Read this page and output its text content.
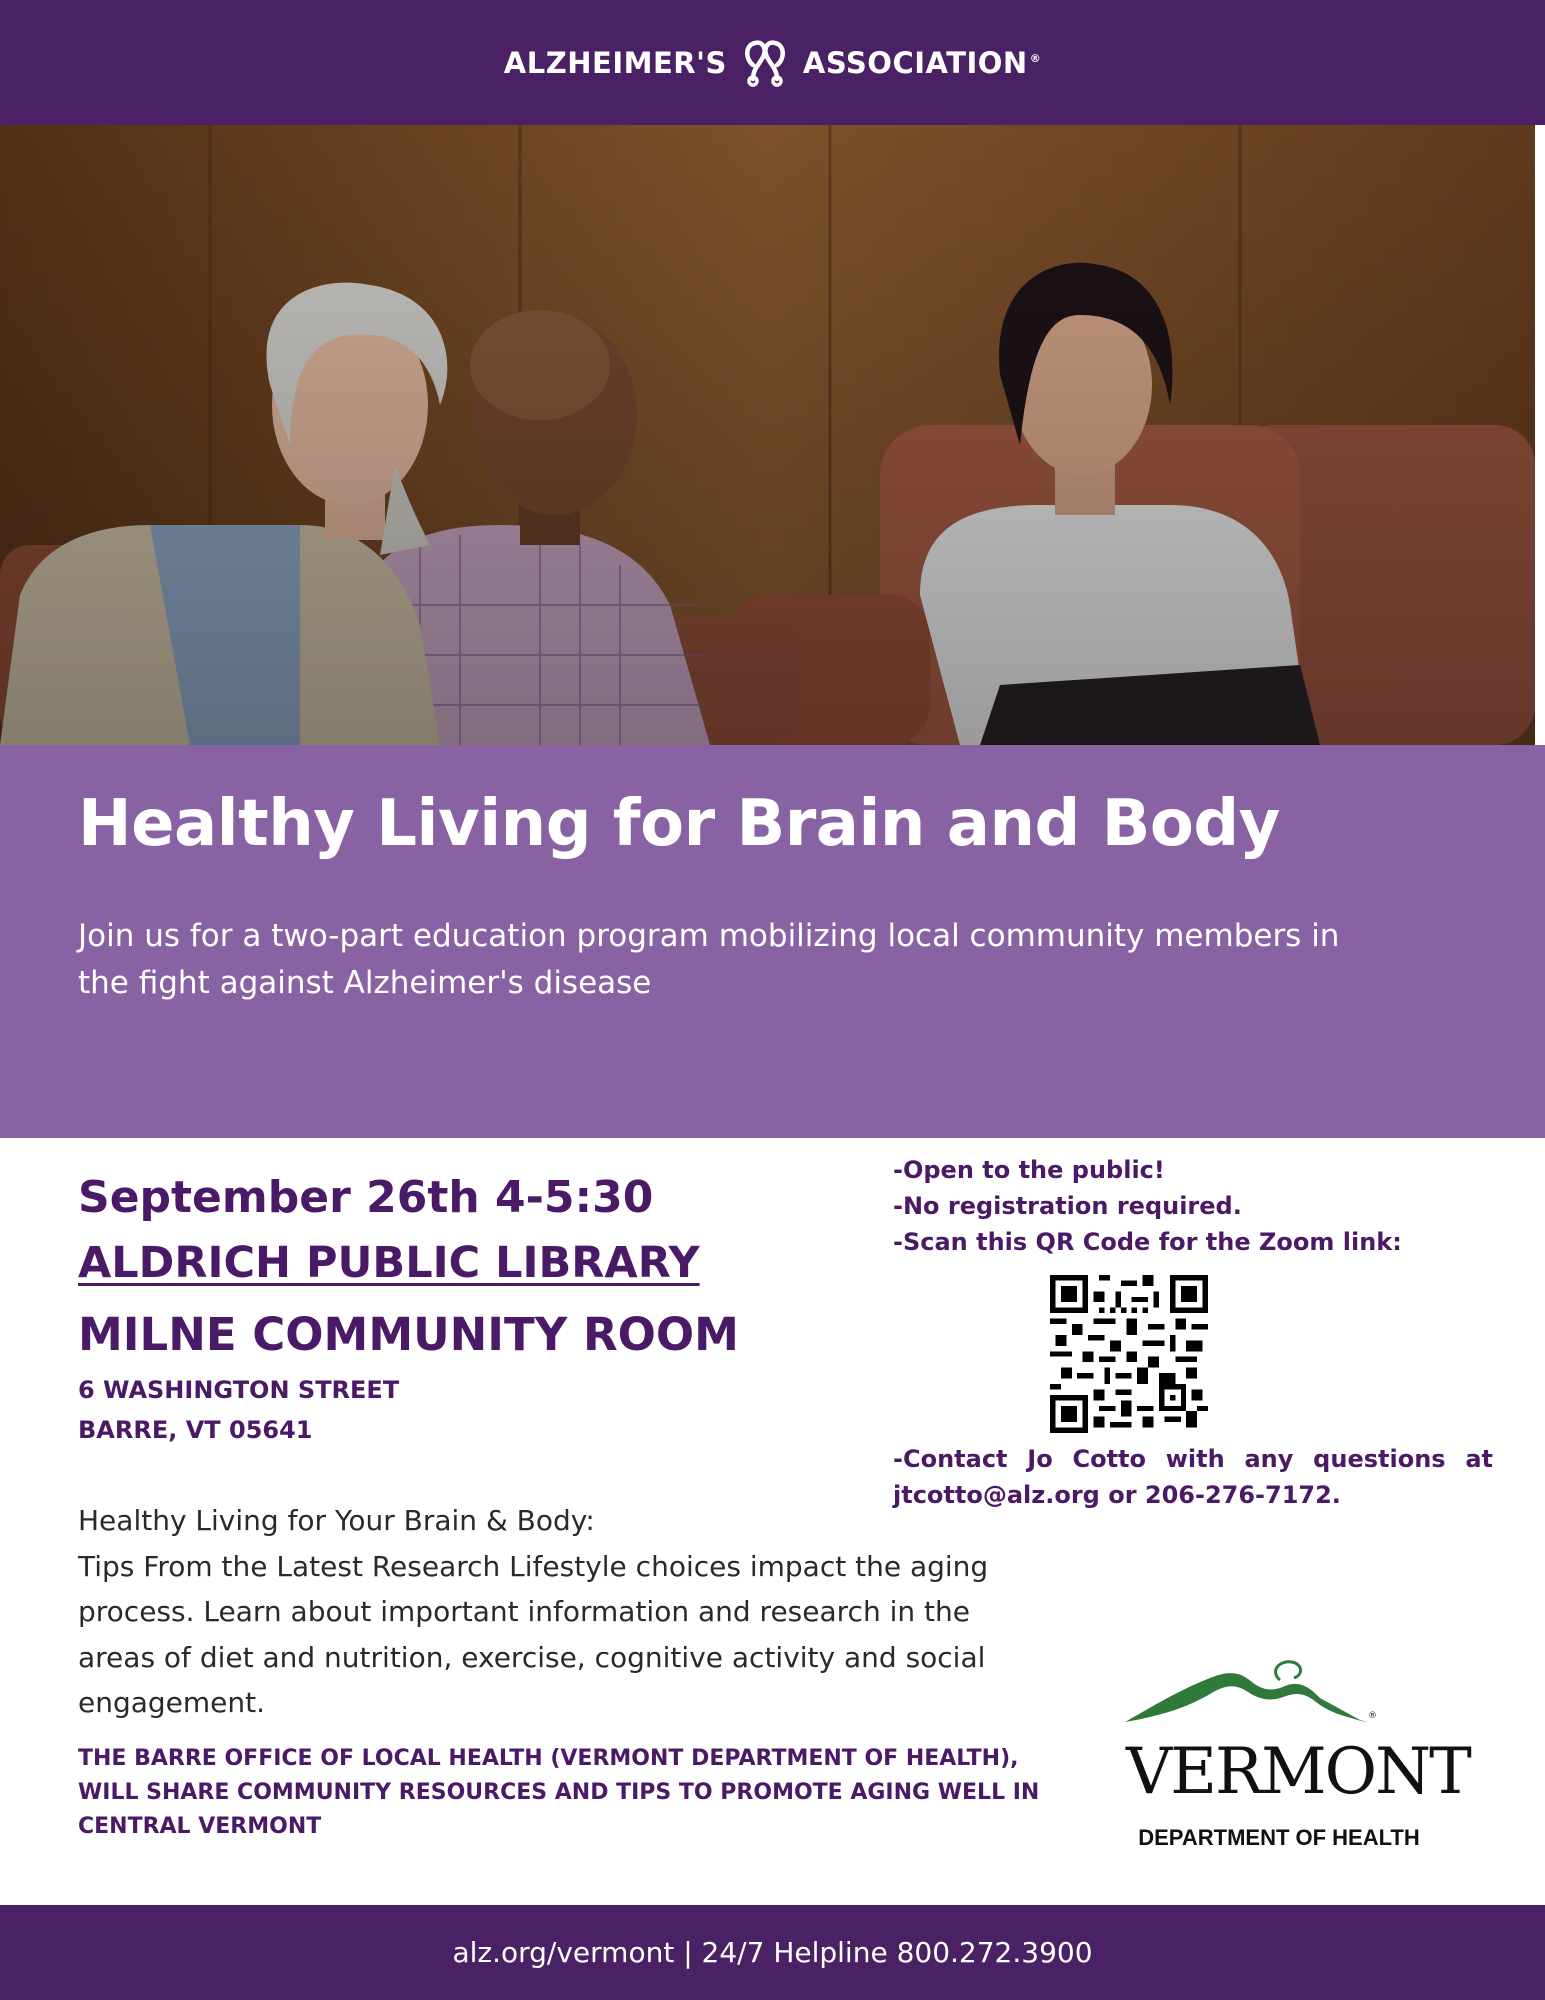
ALZHEIMER'S	ASSOCIATION ®
Healthy Living for Brain and Body

Join us for a two-part education program mobilizing local community members in the fight against Alzheimer's disease

September 26th 4-5:30
ALDRICH PUBLIC LIBRARY
MILNE COMMUNITY ROOM
6 WASHINGTON STREET
BARRE, VT 05641
Healthy Living for Your Brain & Body:
Tips From the Latest Research Lifestyle choices impact the aging process. Learn about important information and research in the areas of diet and nutrition, exercise, cognitive activity and social engagement.
THE BARRE OFFICE OF LOCAL HEALTH (VERMONT DEPARTMENT OF HEALTH), WILL SHARE COMMUNITY RESOURCES AND TIPS TO PROMOTE AGING WELL IN CENTRAL VERMONT
-Open to the public!
-No registration required.
-Scan this QR Code for the Zoom link:
-Contact Jo Cotto with any questions at jtcotto@alz.org or 206-276-7172.
®
VERMONT
DEPARTMENT OF HEALTH
alz.org/vermont | 24/7 Helpline 800.272.3900
